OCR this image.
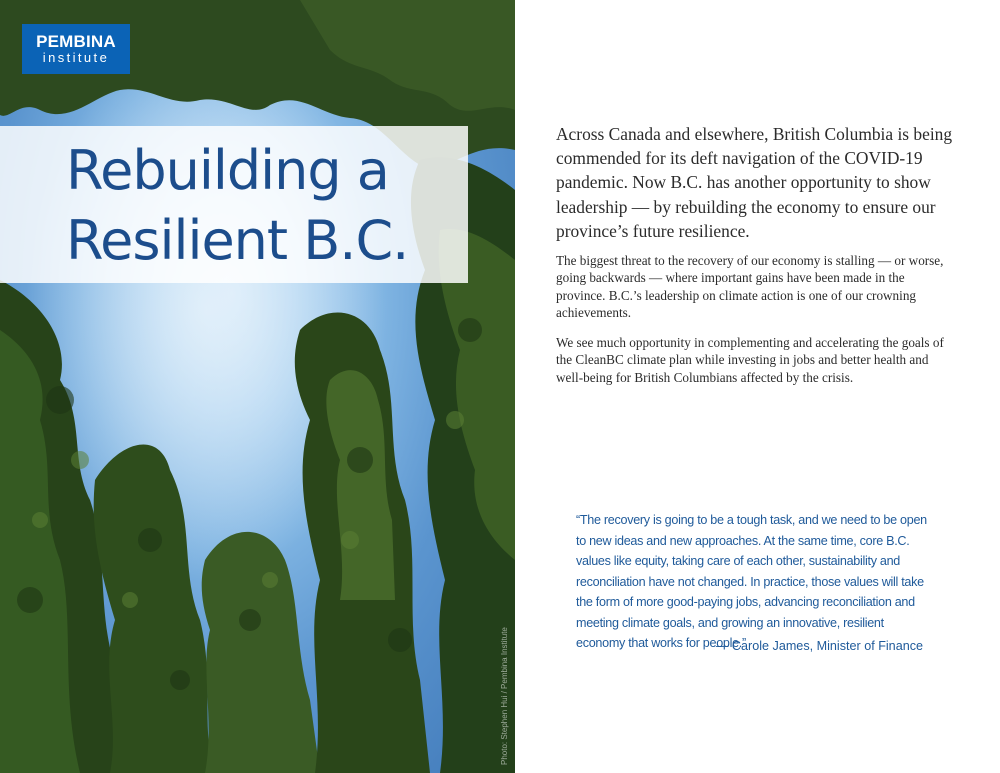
PEMBINA
institute
Rebuilding a
Resilient B.C.
Photo: Stephen Hui / Pembina Institute

Across Canada and elsewhere, British Columbia is being commended for its deft navigation of the COVID-19 pandemic. Now B.C. has another opportunity to show leadership — by rebuilding the economy to ensure our province’s future resilience.

The biggest threat to the recovery of our economy is stalling — or worse, going backwards — where important gains have been made in the province. B.C.’s leadership on climate action is one of our crowning achievements.

We see much opportunity in complementing and accelerating the goals of the CleanBC climate plan while investing in jobs and better health and well-being for British Columbians affected by the crisis.

“The recovery is going to be a tough task, and we need to be open to new ideas and new approaches. At the same time, core B.C. values like equity, taking care of each other, sustainability and reconciliation have not changed. In practice, those values will take the form of more good-paying jobs, advancing reconciliation and meeting climate goals, and growing an innovative, resilient economy that works for people.”

— Carole James, Minister of Finance
